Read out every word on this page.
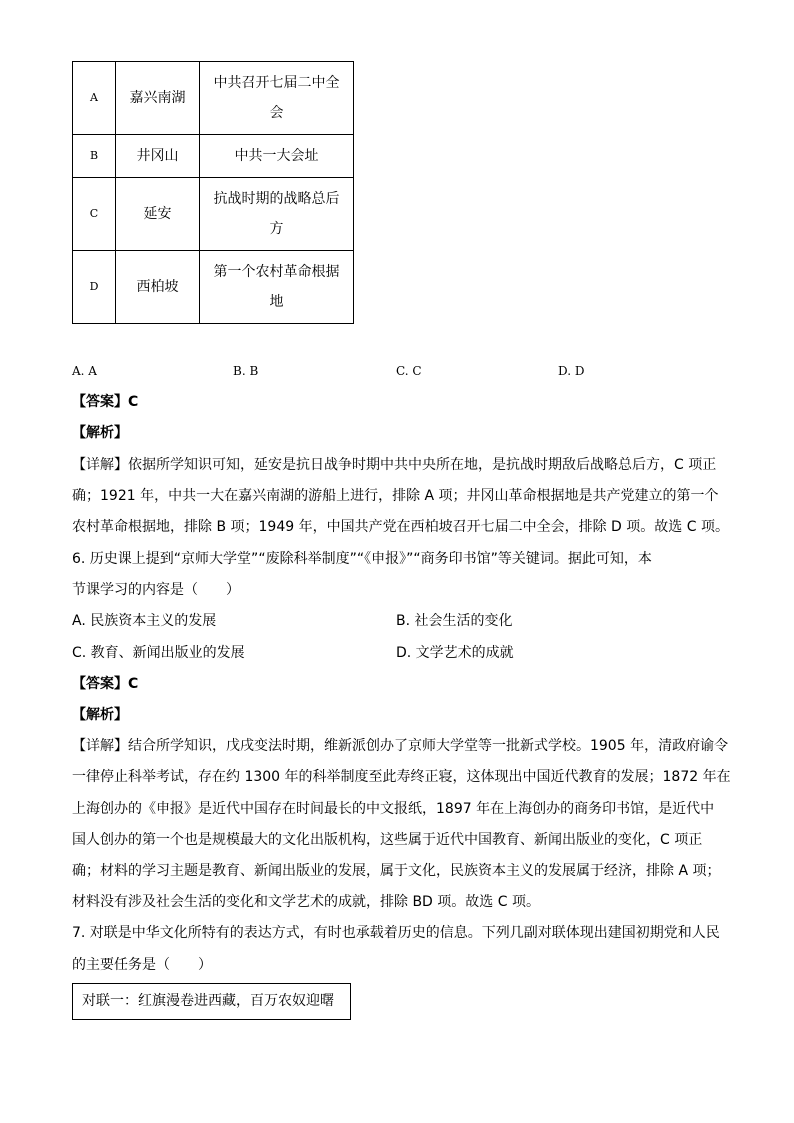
A	嘉兴南湖	中共召开七届二中全
会
B	井冈山	中共一大会址
C	延安	抗战时期的战略总后
方
D	西柏坡	第一个农村革命根据
地
A. A	B. B	C. C	D. D
【答案】C
【解析】
【详解】依据所学知识可知，延安是抗日战争时期中共中央所在地，是抗战时期敌后战略总后方，C 项正
确；1921 年，中共一大在嘉兴南湖的游船上进行，排除 A 项；井冈山革命根据地是共产党建立的第一个
农村革命根据地，排除 B 项；1949 年，中国共产党在西柏坡召开七届二中全会，排除 D 项。故选 C 项。
6. 历史课上提到“京师大学堂”“废除科举制度”“《申报》”“商务印书馆”等关键词。据此可知，本
节课学习的内容是（　　）
A. 民族资本主义的发展	B. 社会生活的变化
C. 教育、新闻出版业的发展	D. 文学艺术的成就
【答案】C
【解析】
【详解】结合所学知识，戊戌变法时期，维新派创办了京师大学堂等一批新式学校。1905 年，清政府谕令
一律停止科举考试，存在约 1300 年的科举制度至此寿终正寝，这体现出中国近代教育的发展；1872 年在
上海创办的《申报》是近代中国存在时间最长的中文报纸，1897 年在上海创办的商务印书馆，是近代中
国人创办的第一个也是规模最大的文化出版机构，这些属于近代中国教育、新闻出版业的变化，C 项正
确；材料的学习主题是教育、新闻出版业的发展，属于文化，民族资本主义的发展属于经济，排除 A 项；
材料没有涉及社会生活的变化和文学艺术的成就，排除 BD 项。故选 C 项。
7. 对联是中华文化所特有的表达方式，有时也承载着历史的信息。下列几副对联体现出建国初期党和人民
的主要任务是（　　）
对联一：红旗漫卷进西藏，百万农奴迎曙
